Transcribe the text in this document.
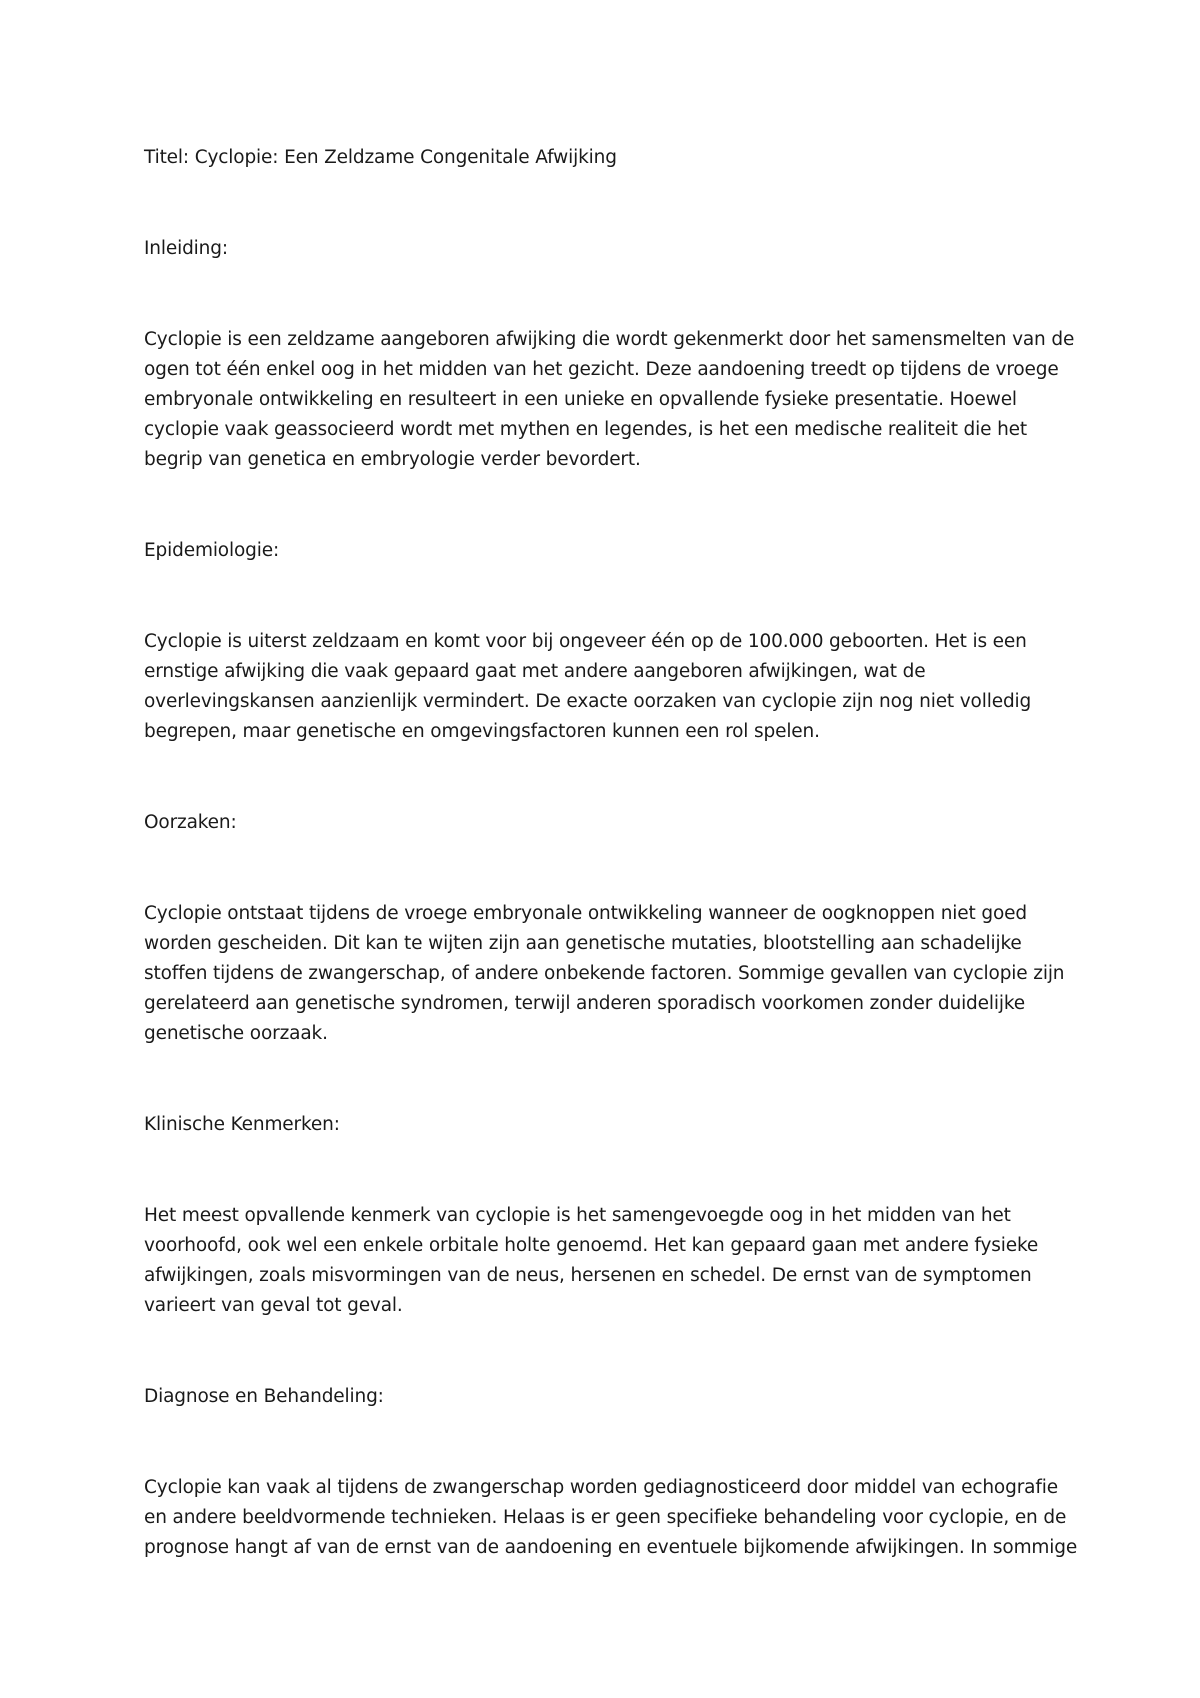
Titel: Cyclopie: Een Zeldzame Congenitale Afwijking
Inleiding:
Cyclopie is een zeldzame aangeboren afwijking die wordt gekenmerkt door het samensmelten van de
ogen tot één enkel oog in het midden van het gezicht. Deze aandoening treedt op tijdens de vroege
embryonale ontwikkeling en resulteert in een unieke en opvallende fysieke presentatie. Hoewel
cyclopie vaak geassocieerd wordt met mythen en legendes, is het een medische realiteit die het
begrip van genetica en embryologie verder bevordert.
Epidemiologie:
Cyclopie is uiterst zeldzaam en komt voor bij ongeveer één op de 100.000 geboorten. Het is een
ernstige afwijking die vaak gepaard gaat met andere aangeboren afwijkingen, wat de
overlevingskansen aanzienlijk vermindert. De exacte oorzaken van cyclopie zijn nog niet volledig
begrepen, maar genetische en omgevingsfactoren kunnen een rol spelen.
Oorzaken:
Cyclopie ontstaat tijdens de vroege embryonale ontwikkeling wanneer de oogknoppen niet goed
worden gescheiden. Dit kan te wijten zijn aan genetische mutaties, blootstelling aan schadelijke
stoffen tijdens de zwangerschap, of andere onbekende factoren. Sommige gevallen van cyclopie zijn
gerelateerd aan genetische syndromen, terwijl anderen sporadisch voorkomen zonder duidelijke
genetische oorzaak.
Klinische Kenmerken:
Het meest opvallende kenmerk van cyclopie is het samengevoegde oog in het midden van het
voorhoofd, ook wel een enkele orbitale holte genoemd. Het kan gepaard gaan met andere fysieke
afwijkingen, zoals misvormingen van de neus, hersenen en schedel. De ernst van de symptomen
varieert van geval tot geval.
Diagnose en Behandeling:
Cyclopie kan vaak al tijdens de zwangerschap worden gediagnosticeerd door middel van echografie
en andere beeldvormende technieken. Helaas is er geen specifieke behandeling voor cyclopie, en de
prognose hangt af van de ernst van de aandoening en eventuele bijkomende afwijkingen. In sommige
